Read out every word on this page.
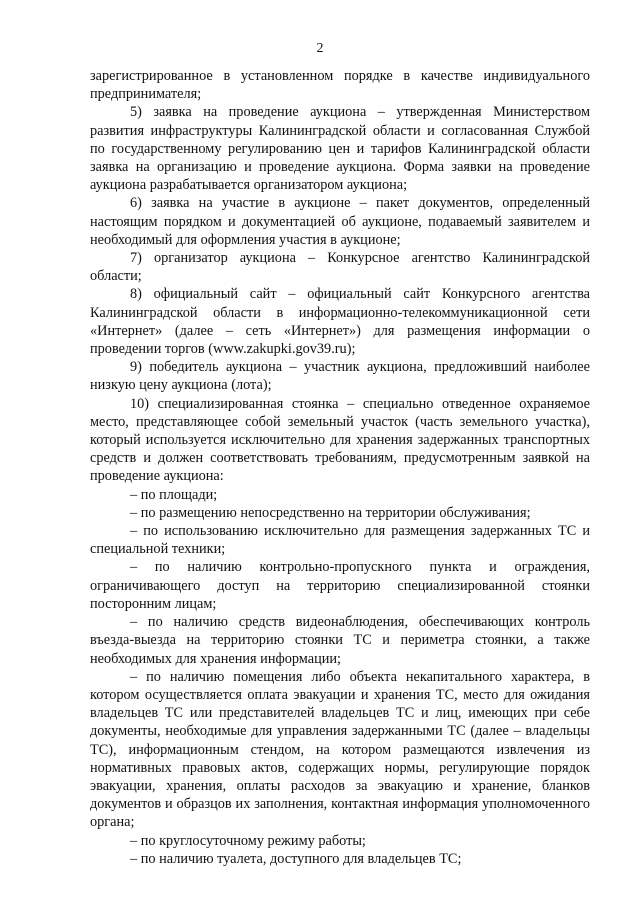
2

зарегистрированное в установленном порядке в качестве индивидуального предпринимателя;

5) заявка на проведение аукциона – утвержденная Министерством развития инфраструктуры Калининградской области и согласованная Службой по государственному регулированию цен и тарифов Калининградской области заявка на организацию и проведение аукциона. Форма заявки на проведение аукциона разрабатывается организатором аукциона;

6) заявка на участие в аукционе – пакет документов, определенный настоящим порядком и документацией об аукционе, подаваемый заявителем и необходимый для оформления участия в аукционе;

7) организатор аукциона – Конкурсное агентство Калининградской области;

8) официальный сайт – официальный сайт Конкурсного агентства Калининградской области в информационно-телекоммуникационной сети «Интернет» (далее – сеть «Интернет») для размещения информации о проведении торгов (www.zakupki.gov39.ru);

9) победитель аукциона – участник аукциона, предложивший наиболее низкую цену аукциона (лота);

10) специализированная стоянка – специально отведенное охраняемое место, представляющее собой земельный участок (часть земельного участка), который используется исключительно для хранения задержанных транспортных средств и должен соответствовать требованиям, предусмотренным заявкой на проведение аукциона:

– по площади;

– по размещению непосредственно на территории обслуживания;

– по использованию исключительно для размещения задержанных ТС и специальной техники;

– по наличию контрольно-пропускного пункта и ограждения, ограничивающего доступ на территорию специализированной стоянки посторонним лицам;

– по наличию средств видеонаблюдения, обеспечивающих контроль въезда-выезда на территорию стоянки ТС и периметра стоянки, а также необходимых для хранения информации;

– по наличию помещения либо объекта некапитального характера, в котором осуществляется оплата эвакуации и хранения ТС, место для ожидания владельцев ТС или представителей владельцев ТС и лиц, имеющих при себе документы, необходимые для управления задержанными ТС (далее – владельцы ТС), информационным стендом, на котором размещаются извлечения из нормативных правовых актов, содержащих нормы, регулирующие порядок эвакуации, хранения, оплаты расходов за эвакуацию и хранение, бланков документов и образцов их заполнения, контактная информация уполномоченного органа;

– по круглосуточному режиму работы;

– по наличию туалета, доступного для владельцев ТС;
